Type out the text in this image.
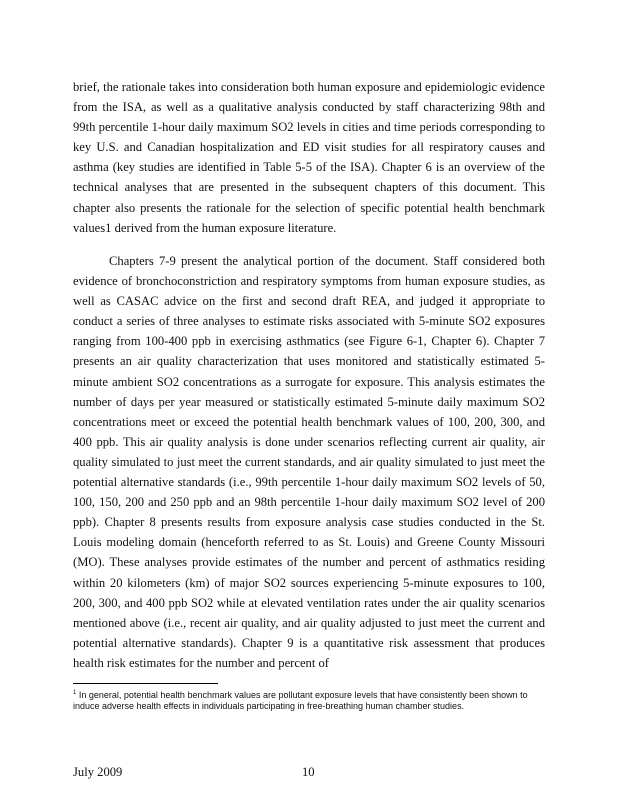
brief, the rationale takes into consideration both human exposure and epidemiologic evidence from the ISA, as well as a qualitative analysis conducted by staff characterizing 98th and 99th percentile 1-hour daily maximum SO2 levels in cities and time periods corresponding to key U.S. and Canadian hospitalization and ED visit studies for all respiratory causes and asthma (key studies are identified in Table 5-5 of the ISA). Chapter 6 is an overview of the technical analyses that are presented in the subsequent chapters of this document. This chapter also presents the rationale for the selection of specific potential health benchmark values1 derived from the human exposure literature.

Chapters 7-9 present the analytical portion of the document. Staff considered both evidence of bronchoconstriction and respiratory symptoms from human exposure studies, as well as CASAC advice on the first and second draft REA, and judged it appropriate to conduct a series of three analyses to estimate risks associated with 5-minute SO2 exposures ranging from 100-400 ppb in exercising asthmatics (see Figure 6-1, Chapter 6). Chapter 7 presents an air quality characterization that uses monitored and statistically estimated 5-minute ambient SO2 concentrations as a surrogate for exposure. This analysis estimates the number of days per year measured or statistically estimated 5-minute daily maximum SO2 concentrations meet or exceed the potential health benchmark values of 100, 200, 300, and 400 ppb. This air quality analysis is done under scenarios reflecting current air quality, air quality simulated to just meet the current standards, and air quality simulated to just meet the potential alternative standards (i.e., 99th percentile 1-hour daily maximum SO2 levels of 50, 100, 150, 200 and 250 ppb and an 98th percentile 1-hour daily maximum SO2 level of 200 ppb). Chapter 8 presents results from exposure analysis case studies conducted in the St. Louis modeling domain (henceforth referred to as St. Louis) and Greene County Missouri (MO). These analyses provide estimates of the number and percent of asthmatics residing within 20 kilometers (km) of major SO2 sources experiencing 5-minute exposures to 100, 200, 300, and 400 ppb SO2 while at elevated ventilation rates under the air quality scenarios mentioned above (i.e., recent air quality, and air quality adjusted to just meet the current and potential alternative standards). Chapter 9 is a quantitative risk assessment that produces health risk estimates for the number and percent of

$^1$ In general, potential health benchmark values are pollutant exposure levels that have consistently been shown to induce adverse health effects in individuals participating in free-breathing human chamber studies.

July 2009	10
